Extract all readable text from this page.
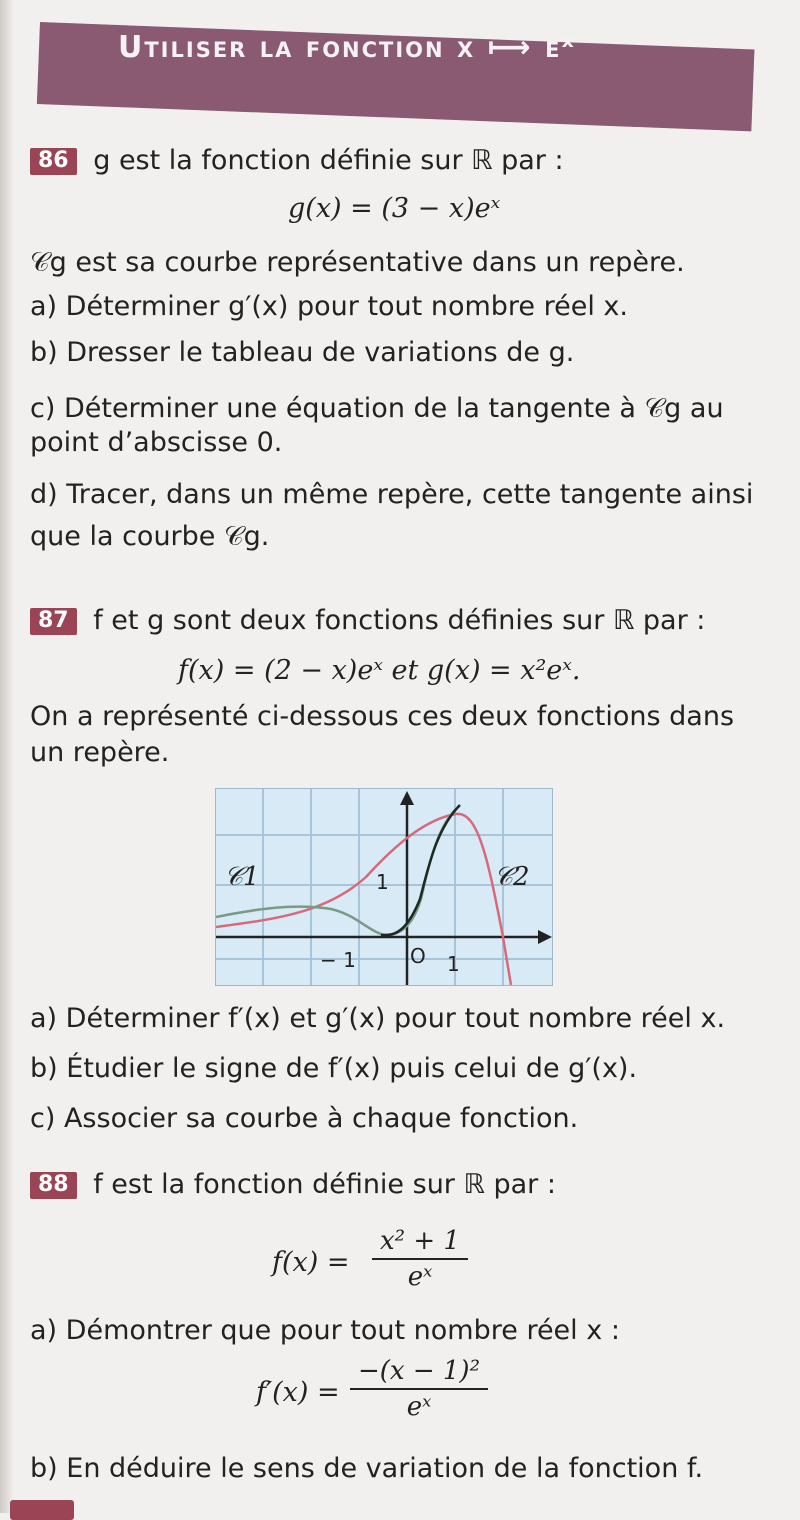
Utiliser la fonction x ⟼ eˣ
86 g est la fonction définie sur ℝ par :
g(x) = (3 − x)eˣ
𝒞g est sa courbe représentative dans un repère.
a) Déterminer g′(x) pour tout nombre réel x.
b) Dresser le tableau de variations de g.
c) Déterminer une équation de la tangente à 𝒞g au
point d’abscisse 0.
d) Tracer, dans un même repère, cette tangente ainsi
que la courbe 𝒞g.
87 f et g sont deux fonctions définies sur ℝ par :
f(x) = (2 − x)eˣ et g(x) = x²eˣ.
On a représenté ci-dessous ces deux fonctions dans
un repère.
𝒞1	𝒞2
1
− 1	O 1
a) Déterminer f′(x) et g′(x) pour tout nombre réel x.
b) Étudier le signe de f′(x) puis celui de g′(x).
c) Associer sa courbe à chaque fonction.
88 f est la fonction définie sur ℝ par :
f(x) =
x² + 1
eˣ
a) Démontrer que pour tout nombre réel x :
f′(x) =
−(x − 1)²
eˣ
b) En déduire le sens de variation de la fonction f.
